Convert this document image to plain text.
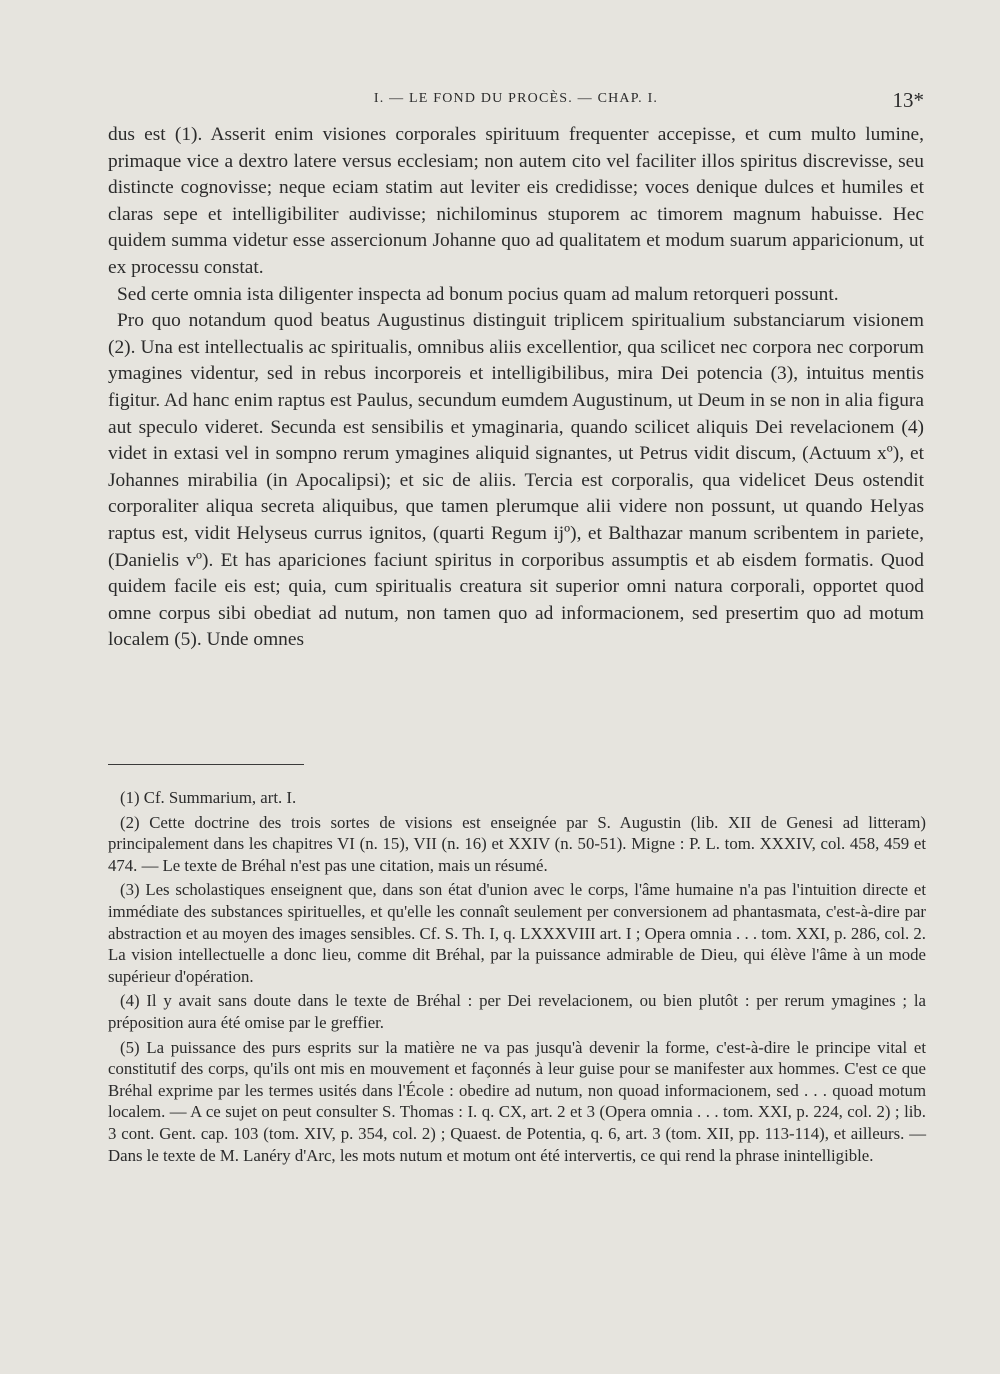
I. — LE FOND DU PROCÈS. — CHAP. I.	13*

dus est (1). Asserit enim visiones corporales spirituum frequenter accepisse, et cum multo lumine, primaque vice a dextro latere versus ecclesiam; non autem cito vel faciliter illos spiritus discrevisse, seu distincte cognovisse; neque eciam statim aut leviter eis credidisse; voces denique dulces et humiles et claras sepe et intelligibiliter audivisse; nichilominus stuporem ac timorem magnum habuisse. Hec quidem summa videtur esse assercionum Johanne quo ad qualitatem et modum suarum apparicionum, ut ex processu constat.

Sed certe omnia ista diligenter inspecta ad bonum pocius quam ad malum retorqueri possunt.

Pro quo notandum quod beatus Augustinus distinguit triplicem spiritualium substanciarum visionem (2). Una est intellectualis ac spiritualis, omnibus aliis excellentior, qua scilicet nec corpora nec corporum ymagines videntur, sed in rebus incorporeis et intelligibilibus, mira Dei potencia (3), intuitus mentis figitur. Ad hanc enim raptus est Paulus, secundum eumdem Augustinum, ut Deum in se non in alia figura aut speculo videret. Secunda est sensibilis et ymaginaria, quando scilicet aliquis Dei revelacionem (4) videt in extasi vel in sompno rerum ymagines aliquid signantes, ut Petrus vidit discum, (Actuum xº), et Johannes mirabilia (in Apocalipsi); et sic de aliis. Tercia est corporalis, qua videlicet Deus ostendit corporaliter aliqua secreta aliquibus, que tamen plerumque alii videre non possunt, ut quando Helyas raptus est, vidit Helyseus currus ignitos, (quarti Regum ijº), et Balthazar manum scribentem in pariete, (Danielis vº). Et has apariciones faciunt spiritus in corporibus assumptis et ab eisdem formatis. Quod quidem facile eis est; quia, cum spiritualis creatura sit superior omni natura corporali, opportet quod omne corpus sibi obediat ad nutum, non tamen quo ad informacionem, sed presertim quo ad motum localem (5). Unde omnes

(1) Cf. Summarium, art. I.

(2) Cette doctrine des trois sortes de visions est enseignée par S. Augustin (lib. XII de Genesi ad litteram) principalement dans les chapitres VI (n. 15), VII (n. 16) et XXIV (n. 50-51). Migne : P. L. tom. XXXIV, col. 458, 459 et 474. — Le texte de Bréhal n'est pas une citation, mais un résumé.

(3) Les scholastiques enseignent que, dans son état d'union avec le corps, l'âme humaine n'a pas l'intuition directe et immédiate des substances spirituelles, et qu'elle les connaît seulement per conversionem ad phantasmata, c'est-à-dire par abstraction et au moyen des images sensibles. Cf. S. Th. I, q. LXXXVIII art. I ; Opera omnia . . . tom. XXI, p. 286, col. 2. La vision intellectuelle a donc lieu, comme dit Bréhal, par la puissance admirable de Dieu, qui élève l'âme à un mode supérieur d'opération.

(4) Il y avait sans doute dans le texte de Bréhal : per Dei revelacionem, ou bien plutôt : per rerum ymagines ; la préposition aura été omise par le greffier.

(5) La puissance des purs esprits sur la matière ne va pas jusqu'à devenir la forme, c'est-à-dire le principe vital et constitutif des corps, qu'ils ont mis en mouvement et façonnés à leur guise pour se manifester aux hommes. C'est ce que Bréhal exprime par les termes usités dans l'École : obedire ad nutum, non quoad informacionem, sed . . . quoad motum localem. — A ce sujet on peut consulter S. Thomas : I. q. CX, art. 2 et 3 (Opera omnia . . . tom. XXI, p. 224, col. 2) ; lib. 3 cont. Gent. cap. 103 (tom. XIV, p. 354, col. 2) ; Quaest. de Potentia, q. 6, art. 3 (tom. XII, pp. 113-114), et ailleurs. — Dans le texte de M. Lanéry d'Arc, les mots nutum et motum ont été intervertis, ce qui rend la phrase inintelligible.
